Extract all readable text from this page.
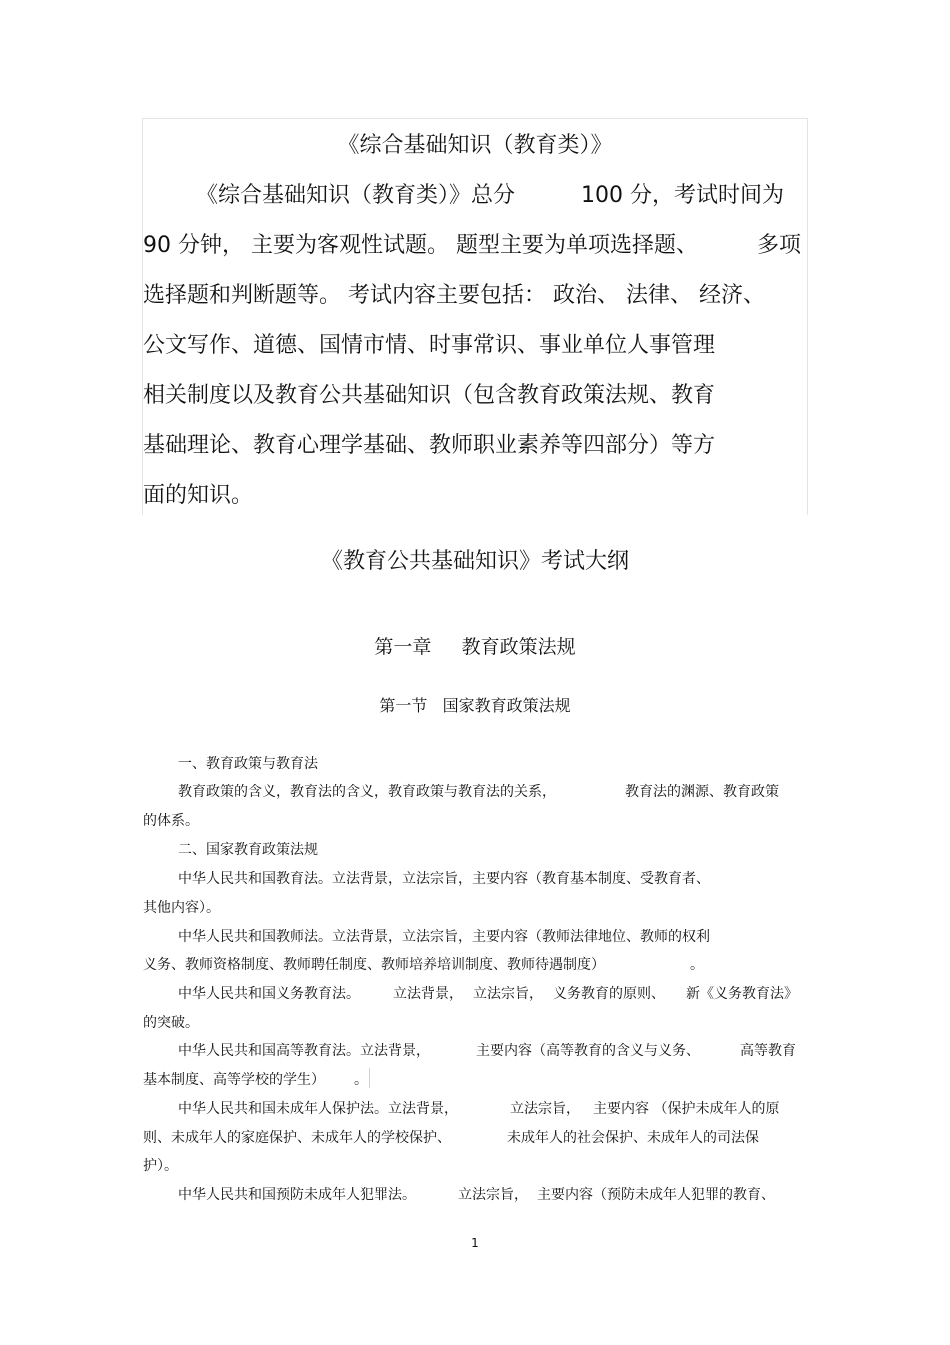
《综合基础知识（教育类）》
《综合基础知识（教育类）》总分	100 分，考试时间为
90 分钟， 主要为客观性试题。 题型主要为单项选择题、	多项
选择题和判断题等。 考试内容主要包括： 政治、 法律、 经济、
公文写作、道德、国情市情、时事常识、事业单位人事管理
相关制度以及教育公共基础知识（包含教育政策法规、教育
基础理论、教育心理学基础、教师职业素养等四部分）等方
面的知识。
《教育公共基础知识》考试大纲
第一章     教育政策法规
第一节   国家教育政策法规
一、教育政策与教育法
教育政策的含义，教育法的含义，教育政策与教育法的关系，	教育法的渊源、教育政策
的体系。
二、国家教育政策法规
中华人民共和国教育法。立法背景，立法宗旨，主要内容（教育基本制度、受教育者、
其他内容）。
中华人民共和国教师法。立法背景，立法宗旨，主要内容（教师法律地位、教师的权利
义务、教师资格制度、教师聘任制度、教师培养培训制度、教师待遇制度）	。
中华人民共和国义务教育法。 立法背景， 立法宗旨， 义务教育的原则、 新《义务教育法》
的突破。
中华人民共和国高等教育法。立法背景，	主要内容（高等教育的含义与义务、	高等教育
基本制度、高等学校的学生） 。
中华人民共和国未成年人保护法。立法背景，	立法宗旨， 主要内容 （保护未成年人的原
则、未成年人的家庭保护、未成年人的学校保护、	未成年人的社会保护、未成年人的司法保
护）。
中华人民共和国预防未成年人犯罪法。	立法宗旨， 主要内容（预防未成年人犯罪的教育、
1
